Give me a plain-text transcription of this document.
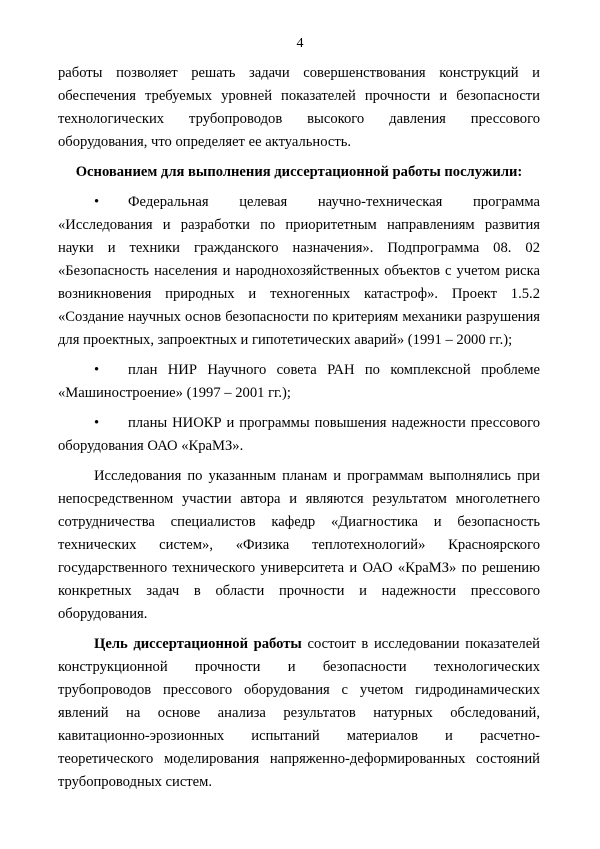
4

работы позволяет решать задачи совершенствования конструкций и обеспечения требуемых уровней показателей прочности и безопасности технологических трубопроводов высокого давления прессового оборудования, что определяет ее актуальность.

Основанием для выполнения диссертационной работы послужили:

•Федеральная целевая научно-техническая программа «Исследования и разработки по приоритетным направлениям развития науки и техники гражданского назначения». Подпрограмма 08. 02 «Безопасность населения и народнохозяйственных объектов с учетом риска возникновения природных и техногенных катастроф». Проект 1.5.2 «Создание научных основ безопасности по критериям механики разрушения для проектных, запроектных и гипотетических аварий» (1991 – 2000 гг.);

•план НИР Научного совета РАН по комплексной проблеме «Машиностроение» (1997 – 2001 гг.);

•планы НИОКР и программы повышения надежности прессового оборудования ОАО «КраМЗ».

Исследования по указанным планам и программам выполнялись при непосредственном участии автора и являются результатом многолетнего сотрудничества специалистов кафедр «Диагностика и безопасность технических систем», «Физика теплотехнологий» Красноярского государственного технического университета и ОАО «КраМЗ» по решению конкретных задач в области прочности и надежности прессового оборудования.

Цель диссертационной работы состоит в исследовании показателей конструкционной прочности и безопасности технологических трубопроводов прессового оборудования с учетом гидродинамических явлений на основе анализа результатов натурных обследований, кавитационно-эрозионных испытаний материалов и расчетно-теоретического моделирования напряженно-деформированных состояний трубопроводных систем.
